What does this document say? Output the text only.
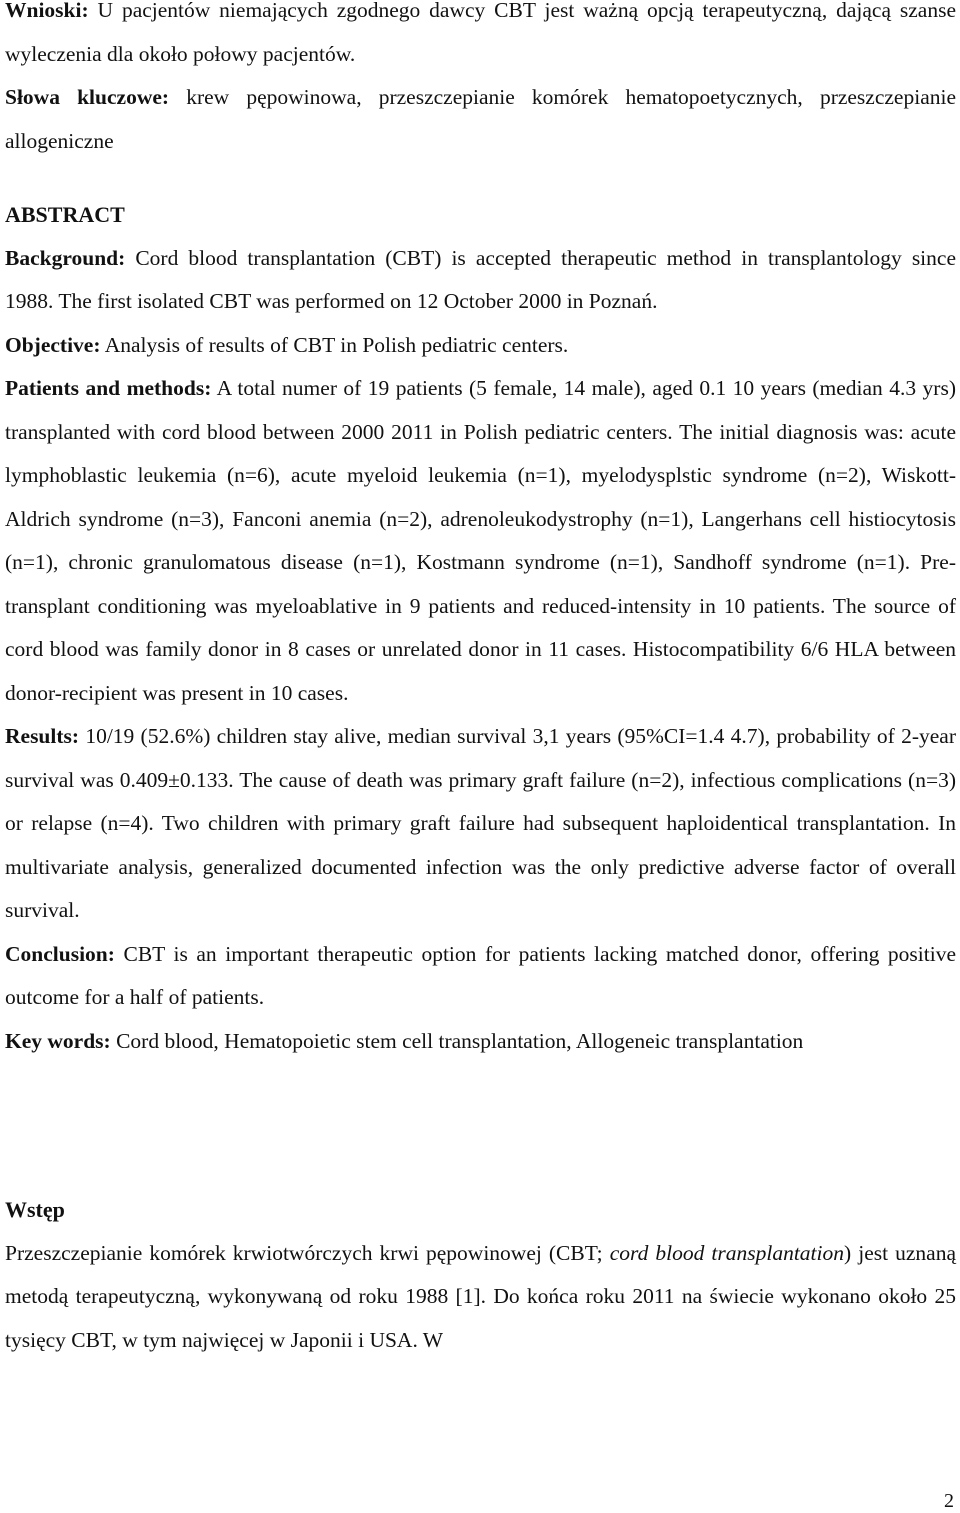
Wnioski: U pacjentów niemających zgodnego dawcy CBT jest ważną opcją terapeutyczną, dającą szanse wyleczenia dla około połowy pacjentów.

Słowa kluczowe: krew pępowinowa, przeszczepianie komórek hematopoetycznych, przeszczepianie allogeniczne

ABSTRACT

Background: Cord blood transplantation (CBT) is accepted therapeutic method in transplantology since 1988. The first isolated CBT was performed on 12 October 2000 in Poznań.

Objective: Analysis of results of CBT in Polish pediatric centers.

Patients and methods: A total numer of 19 patients (5 female, 14 male), aged 0.1 10 years (median 4.3 yrs) transplanted with cord blood between 2000 2011 in Polish pediatric centers. The initial diagnosis was: acute lymphoblastic leukemia (n=6), acute myeloid leukemia (n=1), myelodysplstic syndrome (n=2), Wiskott-Aldrich syndrome (n=3), Fanconi anemia (n=2), adrenoleukodystrophy (n=1), Langerhans cell histiocytosis (n=1), chronic granulomatous disease (n=1), Kostmann syndrome (n=1), Sandhoff syndrome (n=1). Pre-transplant conditioning was myeloablative in 9 patients and reduced-intensity in 10 patients. The source of cord blood was family donor in 8 cases or unrelated donor in 11 cases. Histocompatibility 6/6 HLA between donor-recipient was present in 10 cases.

Results: 10/19 (52.6%) children stay alive, median survival 3,1 years (95%CI=1.4 4.7), probability of 2-year survival was 0.409±0.133. The cause of death was primary graft failure (n=2), infectious complications (n=3) or relapse (n=4). Two children with primary graft failure had subsequent haploidentical transplantation. In multivariate analysis, generalized documented infection was the only predictive adverse factor of overall survival.

Conclusion: CBT is an important therapeutic option for patients lacking matched donor, offering positive outcome for a half of patients.

Key words: Cord blood, Hematopoietic stem cell transplantation, Allogeneic transplantation

Wstęp

Przeszczepianie komórek krwiotwórczych krwi pępowinowej (CBT; cord blood transplantation) jest uznaną metodą terapeutyczną, wykonywaną od roku 1988 [1]. Do końca roku 2011 na świecie wykonano około 25 tysięcy CBT, w tym najwięcej w Japonii i USA. W

2
